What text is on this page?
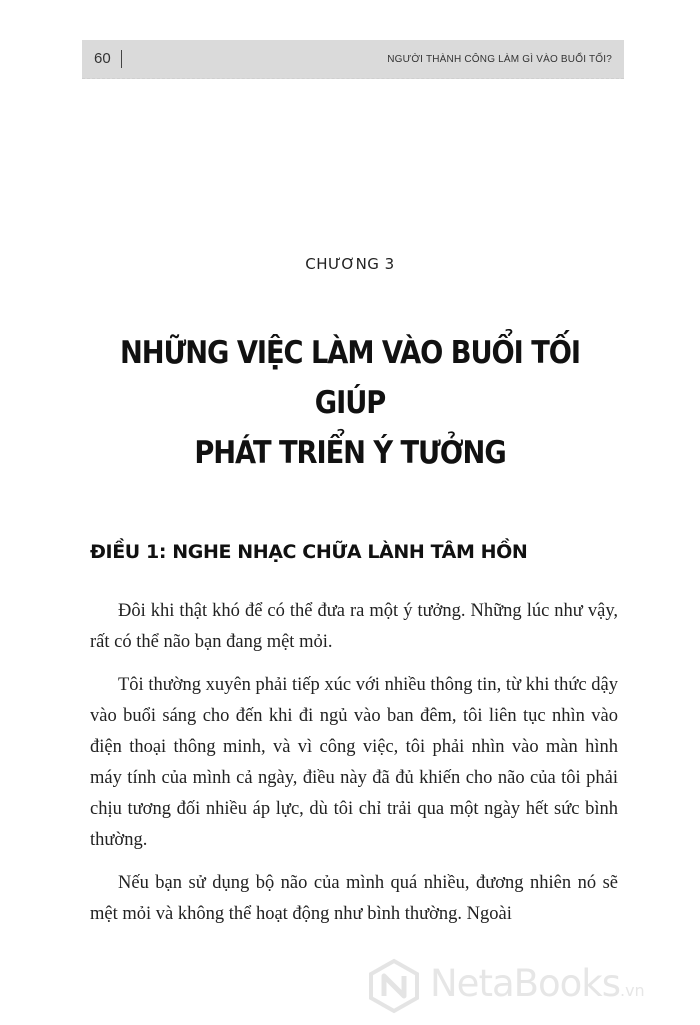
60	NGƯỜI THÀNH CÔNG LÀM GÌ VÀO BUỔI TỐI?
CHƯƠNG 3
NHỮNG VIỆC LÀM VÀO BUỔI TỐI GIÚP
PHÁT TRIỂN Ý TƯỞNG
ĐIỀU 1: NGHE NHẠC CHỮA LÀNH TÂM HỒN

Đôi khi thật khó để có thể đưa ra một ý tưởng. Những lúc như vậy, rất có thể não bạn đang mệt mỏi.

Tôi thường xuyên phải tiếp xúc với nhiều thông tin, từ khi thức dậy vào buổi sáng cho đến khi đi ngủ vào ban đêm, tôi liên tục nhìn vào điện thoại thông minh, và vì công việc, tôi phải nhìn vào màn hình máy tính của mình cả ngày, điều này đã đủ khiến cho não của tôi phải chịu tương đối nhiều áp lực, dù tôi chỉ trải qua một ngày hết sức bình thường.

Nếu bạn sử dụng bộ não của mình quá nhiều, đương nhiên nó sẽ mệt mỏi và không thể hoạt động như bình thường. Ngoài

NetaBooks.vn
